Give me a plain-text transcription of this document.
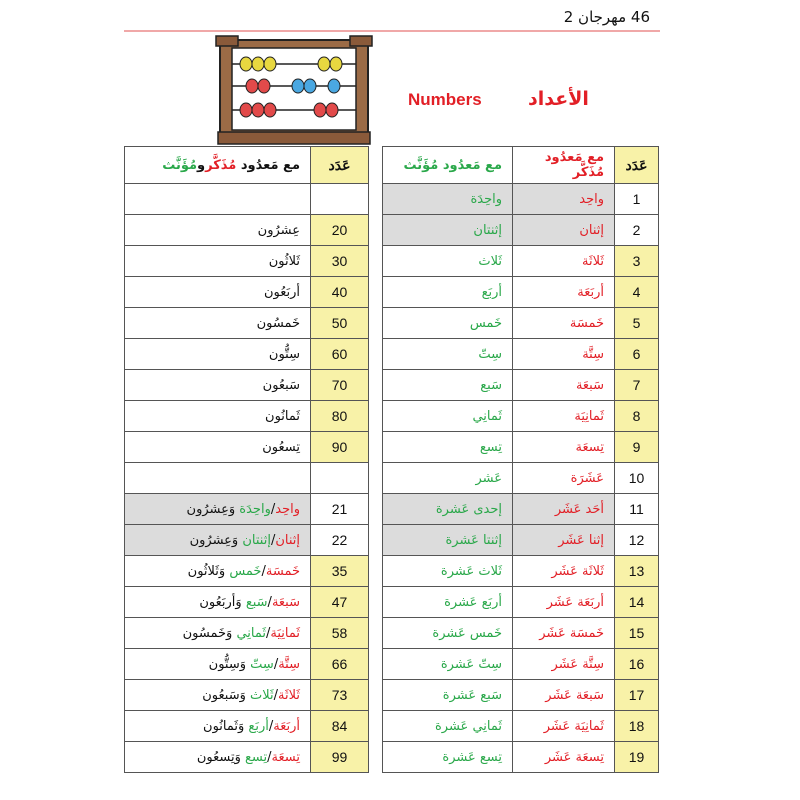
46 مهرجان 2
Numbers الأعداد
مع مَعدُود مُؤَنَّث	مع مَعدُود مُذَكَّر	عَدَد
واحِدَة	واحِد	1
إثنتان	إثنان	2
ثَلاث	ثَلاثَة	3
أربَع	أربَعَة	4
خَمس	خَمسَة	5
سِتّ	سِتَّة	6
سَبع	سَبعَة	7
ثَمانِي	ثَمانِيَة	8
تِسع	تِسعَة	9
عَشر	عَشَرَة	10
إحدى عَشرة	أحَد عَشَر	11
إثنتا عَشرة	إثنا عَشَر	12
ثَلاث عَشرة	ثَلاثَة عَشَر	13
أربَع عَشرة	أربَعَة عَشَر	14
خَمس عَشرة	خَمسَة عَشَر	15
سِتّ عَشرة	سِتَّة عَشَر	16
سَبع عَشرة	سَبعَة عَشَر	17
ثَمانِي عَشرة	ثَمانِيَة عَشَر	18
تِسع عَشرة	تِسعَة عَشَر	19
مع مَعدُود مُذَكَّرومُؤَنَّث	عَدَد

عِشرُون	20
ثَلاثُون	30
أربَعُون	40
خَمسُون	50
سِتُّون	60
سَبعُون	70
ثَمانُون	80
تِسعُون	90

واحِد/واحِدَة وَعِشرُون	21
إثنان/إثنتان وَعِشرُون	22
خَمسَة/خَمس وَثَلاثُون	35
سَبعَة/سَبع وَأربَعُون	47
ثَمانِيَة/ثَمانِي وَخَمسُون	58
سِتَّة/سِتّ وَسِتُّون	66
ثَلاثَة/ثَلاث وَسَبعُون	73
أربَعَة/أربَع وَثَمانُون	84
تِسعَة/تِسع وَتِسعُون	99
